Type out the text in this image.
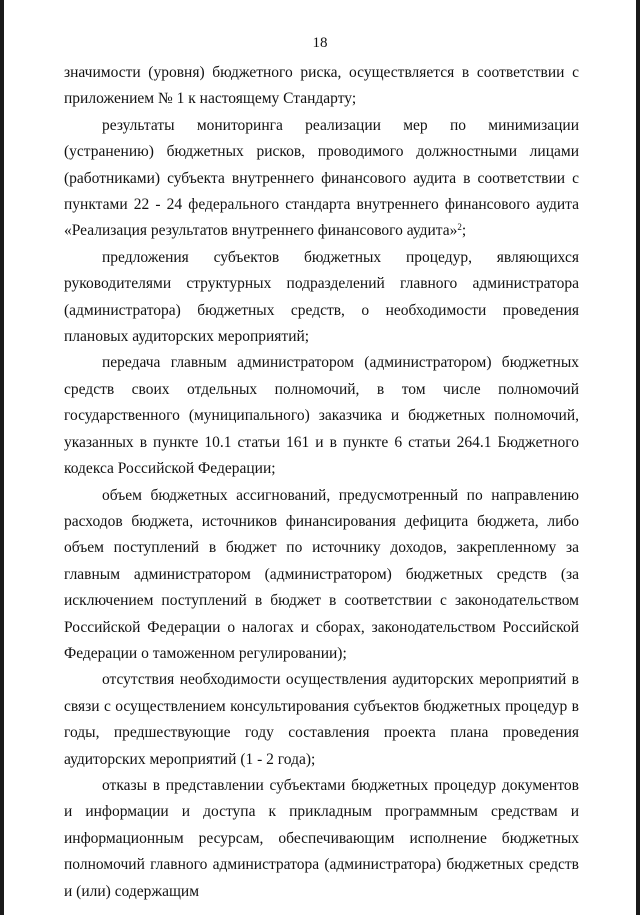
18

значимости (уровня) бюджетного риска, осуществляется в соответствии с приложением № 1 к настоящему Стандарту;

результаты мониторинга реализации мер по минимизации (устранению) бюджетных рисков, проводимого должностными лицами (работниками) субъекта внутреннего финансового аудита в соответствии с пунктами 22 - 24 федерального стандарта внутреннего финансового аудита «Реализация результатов внутреннего финансового аудита»$^2$;

предложения субъектов бюджетных процедур, являющихся руководителями структурных подразделений главного администратора (администратора) бюджетных средств, о необходимости проведения плановых аудиторских мероприятий;

передача главным администратором (администратором) бюджетных средств своих отдельных полномочий, в том числе полномочий государственного (муниципального) заказчика и бюджетных полномочий, указанных в пункте 10.1 статьи 161 и в пункте 6 статьи 264.1 Бюджетного кодекса Российской Федерации;

объем бюджетных ассигнований, предусмотренный по направлению расходов бюджета, источников финансирования дефицита бюджета, либо объем поступлений в бюджет по источнику доходов, закрепленному за главным администратором (администратором) бюджетных средств (за исключением поступлений в бюджет в соответствии с законодательством Российской Федерации о налогах и сборах, законодательством Российской Федерации о таможенном регулировании);

отсутствия необходимости осуществления аудиторских мероприятий в связи с осуществлением консультирования субъектов бюджетных процедур в годы, предшествующие году составления проекта плана проведения аудиторских мероприятий (1 - 2 года);

отказы в представлении субъектами бюджетных процедур документов и информации и доступа к прикладным программным средствам и информационным ресурсам, обеспечивающим исполнение бюджетных полномочий главного администратора (администратора) бюджетных средств и (или) содержащим
